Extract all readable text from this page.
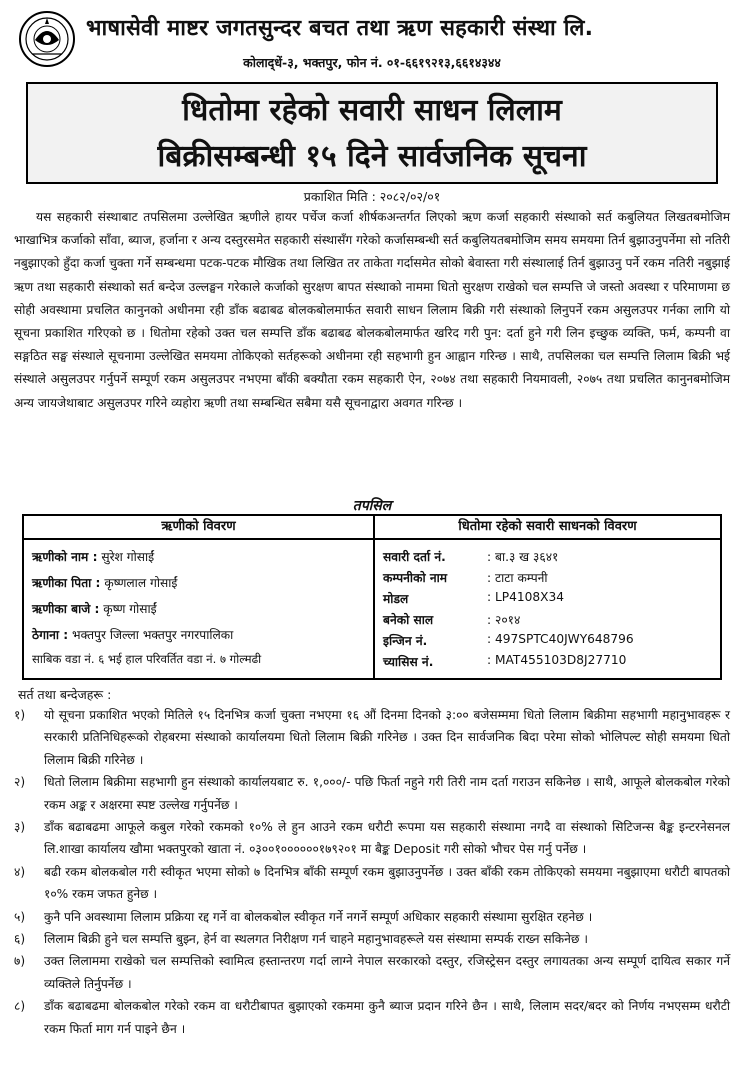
भाषासेवी माष्टर जगतसुन्दर बचत तथा ऋण सहकारी संस्था लि.
कोलाद्‍धें-३, भक्तपुर, फोन नं. ०१-६६१९२१३,६६१४३४४
धितोमा रहेको सवारी साधन लिलाम
बिक्रीसम्बन्धी १५ दिने सार्वजनिक सूचना
प्रकाशित मिति : २०८२/०२/०१

यस सहकारी संस्थाबाट तपसिलमा उल्लेखित ऋणीले हायर पर्चेज कर्जा शीर्षकअन्तर्गत लिएको ऋण कर्जा सहकारी संस्थाको सर्त कबुलियत लिखतबमोजिम भाखाभित्र कर्जाको साँवा, ब्याज, हर्जाना र अन्य दस्तुरसमेत सहकारी संस्थासँग गरेको कर्जासम्बन्धी सर्त कबुलियतबमोजिम समय समयमा तिर्न बुझाउनुपर्नेमा सो नतिरी नबुझाएको हुँदा कर्जा चुक्ता गर्ने सम्बन्धमा पटक-पटक मौखिक तथा लिखित तर ताकेता गर्दासमेत सोको बेवास्ता गरी संस्थालाई तिर्न बुझाउनु पर्ने रकम नतिरी नबुझाई ऋण तथा सहकारी संस्थाको सर्त बन्देज उल्लङ्घन गरेकाले कर्जाको सुरक्षण बापत संस्थाको नाममा धितो सुरक्षण राखेको चल सम्पत्ति जे जस्तो अवस्था र परिमाणमा छ सोही अवस्थामा प्रचलित कानुनको अधीनमा रही डाँक बढाबढ बोलकबोलमार्फत सवारी साधन लिलाम बिक्री गरी संस्थाको लिनुपर्ने रकम असुलउपर गर्नका लागि यो सूचना प्रकाशित गरिएको छ । धितोमा रहेको उक्त चल सम्पत्ति डाँक बढाबढ बोलकबोलमार्फत खरिद गरी पुन: दर्ता हुने गरी लिन इच्छुक व्यक्ति, फर्म, कम्पनी वा सङ्गठित सङ्घ संस्थाले सूचनामा उल्लेखित समयमा तोकिएको सर्तहरूको अधीनमा रही सहभागी हुन आह्वान गरिन्छ । साथै, तपसिलका चल सम्पत्ति लिलाम बिक्री भई संस्थाले असुलउपर गर्नुपर्ने सम्पूर्ण रकम असुलउपर नभएमा बाँकी बक्यौता रकम सहकारी ऐन, २०७४ तथा सहकारी नियमावली, २०७५ तथा प्रचलित कानुनबमोजिम अन्य जायजेथाबाट असुलउपर गरिने व्यहोरा ऋणी तथा सम्बन्धित सबैमा यसै सूचनाद्वारा अवगत गरिन्छ ।

तपसिल
ऋणीको विवरण
ऋणीको नाम : सुरेश गोसाईं
ऋणीका पिता : कृष्णलाल गोसाईं
ऋणीका बाजे : कृष्ण गोसाईं
ठेगाना : भक्तपुर जिल्ला भक्तपुर नगरपालिका
साबिक वडा नं. ६ भई हाल परिवर्तित वडा नं. ७ गोल्मढी
धितोमा रहेको सवारी साधनको विवरण
सवारी दर्ता नं.	: बा.३ ख ३६४१
कम्पनीको नाम	: टाटा कम्पनी
मोडल	: LP4108X34
बनेको साल	: २०१४
इन्जिन नं.	: 497SPTC40JWY648796
च्यासिस नं.	: MAT455103D8J27710
सर्त तथा बन्देजहरू :
१) यो सूचना प्रकाशित भएको मितिले १५ दिनभित्र कर्जा चुक्ता नभएमा १६ औं दिनमा दिनको ३:०० बजेसम्ममा धितो लिलाम बिक्रीमा सहभागी महानुभावहरू र सरकारी प्रतिनिधिहरूको रोहबरमा संस्थाको कार्यालयमा धितो लिलाम बिक्री गरिनेछ । उक्त दिन सार्वजनिक बिदा परेमा सोको भोलिपल्ट सोही समयमा धितो लिलाम बिक्री गरिनेछ ।
२) धितो लिलाम बिक्रीमा सहभागी हुन संस्थाको कार्यालयबाट रु. १,०००/- पछि फिर्ता नहुने गरी तिरी नाम दर्ता गराउन सकिनेछ । साथै, आफूले बोलकबोल गरेको रकम अङ्क र अक्षरमा स्पष्ट उल्लेख गर्नुपर्नेछ ।
३) डाँक बढाबढमा आफूले कबुल गरेको रकमको १०% ले हुन आउने रकम धरौटी रूपमा यस सहकारी संस्थामा नगदै वा संस्थाको सिटिजन्स बैङ्क इन्टरनेसनल लि.शाखा कार्यालय खौमा भक्तपुरको खाता नं. ०३००१००००००१७९२०१ मा बैङ्क Deposit गरी सोको भौचर पेस गर्नु पर्नेछ ।
४) बढी रकम बोलकबोल गरी स्वीकृत भएमा सोको ७ दिनभित्र बाँकी सम्पूर्ण रकम बुझाउनुपर्नेछ । उक्त बाँकी रकम तोकिएको समयमा नबुझाएमा धरौटी बापतको १०% रकम जफत हुनेछ ।
५) कुनै पनि अवस्थामा लिलाम प्रक्रिया रद्द गर्ने वा बोलकबोल स्वीकृत गर्ने नगर्ने सम्पूर्ण अधिकार सहकारी संस्थामा सुरक्षित रहनेछ ।
६) लिलाम बिक्री हुने चल सम्पत्ति बुझ्न, हेर्न वा स्थलगत निरीक्षण गर्न चाहने महानुभावहरूले यस संस्थामा सम्पर्क राख्न सकिनेछ ।
७) उक्त लिलाममा राखेको चल सम्पत्तिको स्वामित्व हस्तान्तरण गर्दा लाग्ने नेपाल सरकारको दस्तुर, रजिस्ट्रेसन दस्तुर लगायतका अन्य सम्पूर्ण दायित्व सकार गर्ने व्यक्तिले तिर्नुपर्नेछ ।
८) डाँक बढाबढमा बोलकबोल गरेको रकम वा धरौटीबापत बुझाएको रकममा कुनै ब्याज प्रदान गरिने छैन । साथै, लिलाम सदर/बदर को निर्णय नभएसम्म धरौटी रकम फिर्ता माग गर्न पाइने छैन ।
